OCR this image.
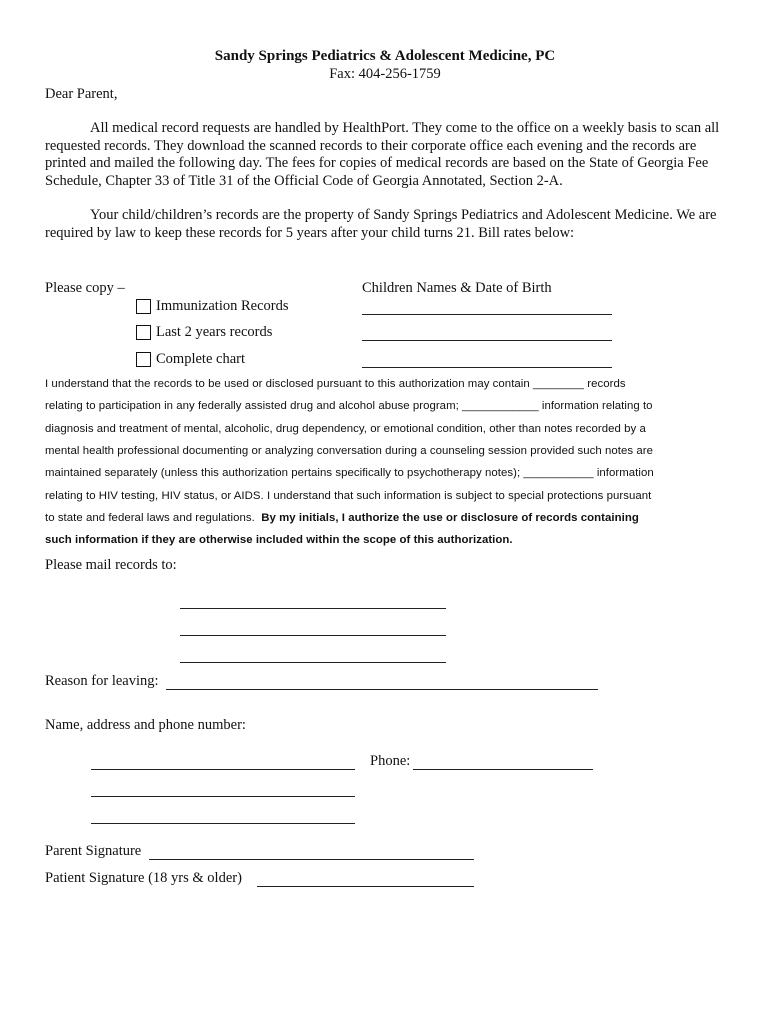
Sandy Springs Pediatrics & Adolescent Medicine, PC
Fax: 404-256-1759
Dear Parent,
All medical record requests are handled by HealthPort. They come to the office on a weekly basis to scan all requested records. They download the scanned records to their corporate office each evening and the records are printed and mailed the following day. The fees for copies of medical records are based on the State of Georgia Fee Schedule, Chapter 33 of Title 31 of the Official Code of Georgia Annotated, Section 2-A.
Your child/children’s records are the property of Sandy Springs Pediatrics and Adolescent Medicine. We are required by law to keep these records for 5 years after your child turns 21. Bill rates below:
Please copy –	Children Names & Date of Birth
Immunization Records
Last 2 years records
Complete chart
I understand that the records to be used or disclosed pursuant to this authorization may contain ________ records
relating to participation in any federally assisted drug and alcohol abuse program; ____________ information relating to
diagnosis and treatment of mental, alcoholic, drug dependency, or emotional condition, other than notes recorded by a
mental health professional documenting or analyzing conversation during a counseling session provided such notes are
maintained separately (unless this authorization pertains specifically to psychotherapy notes); ___________ information
relating to HIV testing, HIV status, or AIDS. I understand that such information is subject to special protections pursuant
to state and federal laws and regulations. By my initials, I authorize the use or disclosure of records containing
such information if they are otherwise included within the scope of this authorization.
Please mail records to:
Reason for leaving:
Name, address and phone number:
Phone:
Parent Signature
Patient Signature (18 yrs & older)
